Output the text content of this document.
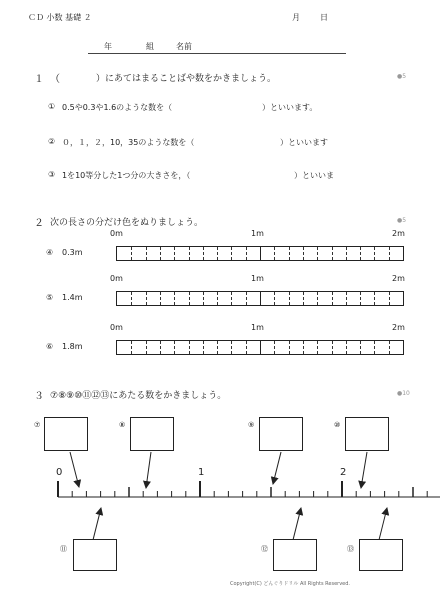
ＣＤ 小数 基礎 ２	月	日
年	組	名前
１ （	）にあてはまることばや数をかきましょう。	●5
① 0.5や0.3や1.6のような数を（	）といいます。
② ０，１，２，10，35のような数を（	）といいます
③ 1を10等分した1つ分の大きさを，（	）といいま
２ 次の長さの分だけ色をぬりましょう。	●5
0m	1m	2m
④ 0.3m
0m	1m	2m
⑤ 1.4m
0m	1m	2m
⑥ 1.8m
３ ⑦⑧⑨⑩⑪⑫⑬にあたる数をかきましょう。	●10
⑦	⑧	⑨	⑩
0	1	2
⑪	⑫	⑬
Copyright(C) どんぐりドリル All Rights Reserved.
